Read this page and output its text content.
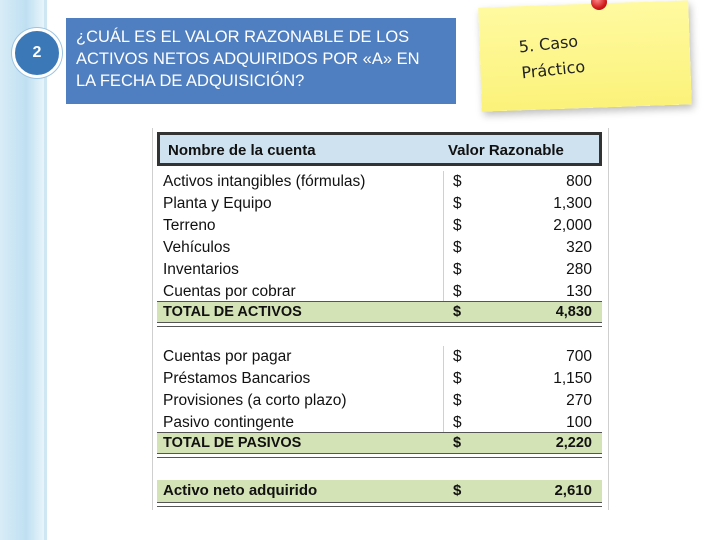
2
¿CUÁL ES EL VALOR RAZONABLE DE LOS
ACTIVOS NETOS ADQUIRIDOS POR «A» EN
LA FECHA DE ADQUISICIÓN?
5. Caso
Práctico
Nombre de la cuenta	Valor Razonable
Activos intangibles (fórmulas)	$	800
Planta y Equipo	$	1,300
Terreno	$	2,000
Vehículos	$	320
Inventarios	$	280
Cuentas por cobrar	$	130
TOTAL DE ACTIVOS	$	4,830
Cuentas por pagar	$	700
Préstamos Bancarios	$	1,150
Provisiones (a corto plazo)	$	270
Pasivo contingente	$	100
TOTAL DE PASIVOS	$	2,220
Activo neto adquirido	$	2,610
